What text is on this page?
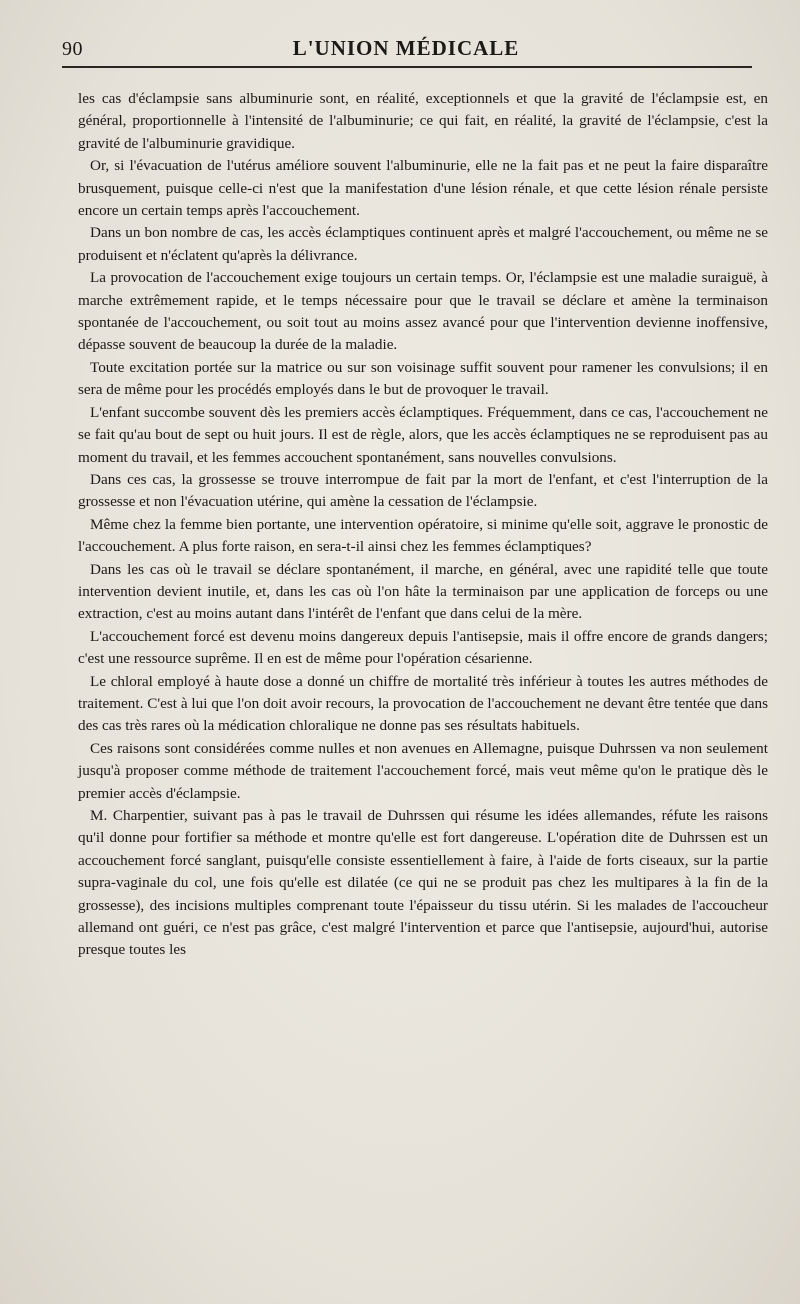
90	L'UNION MÉDICALE

les cas d'éclampsie sans albuminurie sont, en réalité, exceptionnels et que la gravité de l'éclampsie est, en général, proportionnelle à l'intensité de l'albuminurie; ce qui fait, en réalité, la gravité de l'éclampsie, c'est la gravité de l'albuminurie gravidique.

Or, si l'évacuation de l'utérus améliore souvent l'albuminurie, elle ne la fait pas et ne peut la faire disparaître brusquement, puisque celle-ci n'est que la manifestation d'une lésion rénale, et que cette lésion rénale persiste encore un certain temps après l'accouchement.

Dans un bon nombre de cas, les accès éclamptiques continuent après et malgré l'accouchement, ou même ne se produisent et n'éclatent qu'après la délivrance.

La provocation de l'accouchement exige toujours un certain temps. Or, l'éclampsie est une maladie suraiguë, à marche extrêmement rapide, et le temps nécessaire pour que le travail se déclare et amène la terminaison spontanée de l'accouchement, ou soit tout au moins assez avancé pour que l'intervention devienne inoffensive, dépasse souvent de beaucoup la durée de la maladie.

Toute excitation portée sur la matrice ou sur son voisinage suffit souvent pour ramener les convulsions; il en sera de même pour les procédés employés dans le but de provoquer le travail.

L'enfant succombe souvent dès les premiers accès éclamptiques. Fréquemment, dans ce cas, l'accouchement ne se fait qu'au bout de sept ou huit jours. Il est de règle, alors, que les accès éclamptiques ne se reproduisent pas au moment du travail, et les femmes accouchent spontanément, sans nouvelles convulsions.

Dans ces cas, la grossesse se trouve interrompue de fait par la mort de l'enfant, et c'est l'interruption de la grossesse et non l'évacuation utérine, qui amène la cessation de l'éclampsie.

Même chez la femme bien portante, une intervention opératoire, si minime qu'elle soit, aggrave le pronostic de l'accouchement. A plus forte raison, en sera-t-il ainsi chez les femmes éclamptiques?

Dans les cas où le travail se déclare spontanément, il marche, en général, avec une rapidité telle que toute intervention devient inutile, et, dans les cas où l'on hâte la terminaison par une application de forceps ou une extraction, c'est au moins autant dans l'intérêt de l'enfant que dans celui de la mère.

L'accouchement forcé est devenu moins dangereux depuis l'antisepsie, mais il offre encore de grands dangers; c'est une ressource suprême. Il en est de même pour l'opération césarienne.

Le chloral employé à haute dose a donné un chiffre de mortalité très inférieur à toutes les autres méthodes de traitement. C'est à lui que l'on doit avoir recours, la provocation de l'accouchement ne devant être tentée que dans des cas très rares où la médication chloralique ne donne pas ses résultats habituels.

Ces raisons sont considérées comme nulles et non avenues en Allemagne, puisque Duhrssen va non seulement jusqu'à proposer comme méthode de traitement l'accouchement forcé, mais veut même qu'on le pratique dès le premier accès d'éclampsie.

M. Charpentier, suivant pas à pas le travail de Duhrssen qui résume les idées allemandes, réfute les raisons qu'il donne pour fortifier sa méthode et montre qu'elle est fort dangereuse. L'opération dite de Duhrssen est un accouchement forcé sanglant, puisqu'elle consiste essentiellement à faire, à l'aide de forts ciseaux, sur la partie supra-vaginale du col, une fois qu'elle est dilatée (ce qui ne se produit pas chez les multipares à la fin de la grossesse), des incisions multiples comprenant toute l'épaisseur du tissu utérin. Si les malades de l'accoucheur allemand ont guéri, ce n'est pas grâce, c'est malgré l'intervention et parce que l'antisepsie, aujourd'hui, autorise presque toutes les
